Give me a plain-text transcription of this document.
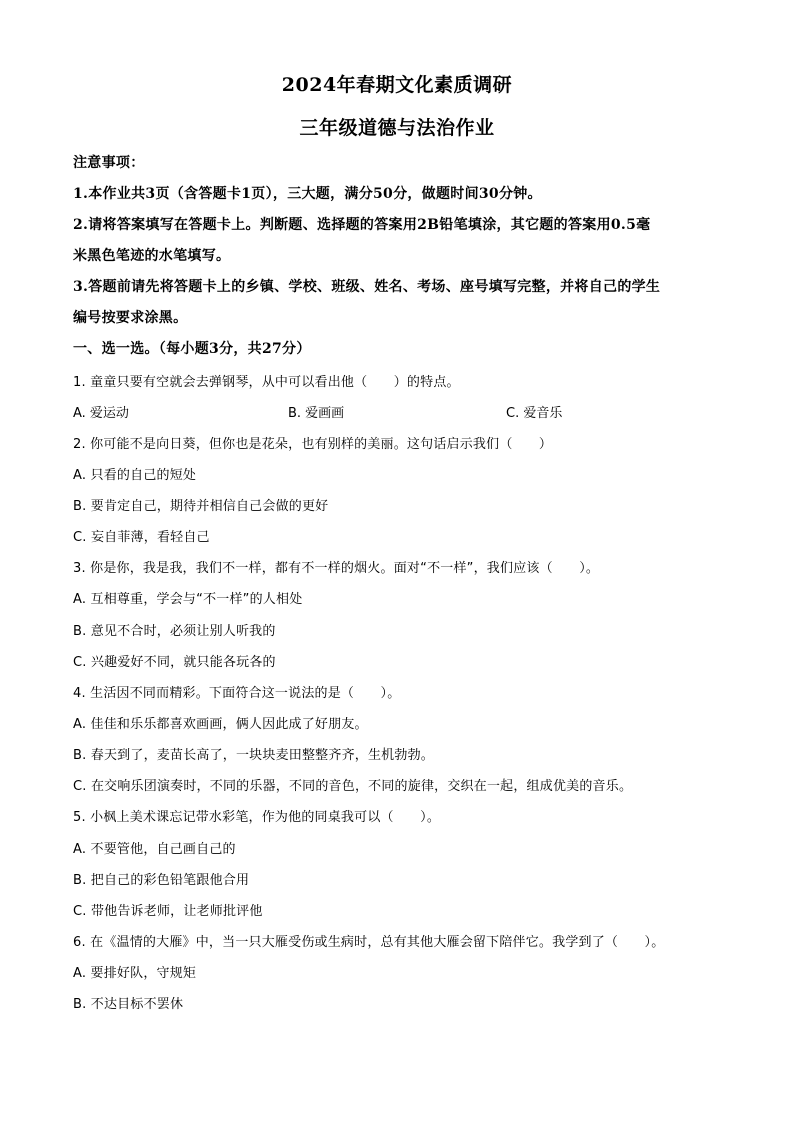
2024年春期文化素质调研
三年级道德与法治作业
注意事项：
1.本作业共3页（含答题卡1页），三大题，满分50分，做题时间30分钟。
2.请将答案填写在答题卡上。判断题、选择题的答案用2B铅笔填涂，其它题的答案用0.5毫
米黑色笔迹的水笔填写。
3.答题前请先将答题卡上的乡镇、学校、班级、姓名、考场、座号填写完整，并将自己的学生
编号按要求涂黑。
一、选一选。（每小题3分，共27分）
1. 童童只要有空就会去弹钢琴，从中可以看出他（　　）的特点。
A. 爱运动	B. 爱画画	C. 爱音乐
2. 你可能不是向日葵，但你也是花朵，也有别样的美丽。这句话启示我们（　　）
A. 只看的自己的短处
B. 要肯定自己，期待并相信自己会做的更好
C. 妄自菲薄，看轻自己
3. 你是你，我是我，我们不一样，都有不一样的烟火。面对“不一样”，我们应该（　　）。
A. 互相尊重，学会与“不一样”的人相处
B. 意见不合时，必须让别人听我的
C. 兴趣爱好不同，就只能各玩各的
4. 生活因不同而精彩。下面符合这一说法的是（　　）。
A. 佳佳和乐乐都喜欢画画，俩人因此成了好朋友。
B. 春天到了，麦苗长高了，一块块麦田整整齐齐，生机勃勃。
C. 在交响乐团演奏时，不同的乐器，不同的音色，不同的旋律，交织在一起，组成优美的音乐。
5. 小枫上美术课忘记带水彩笔，作为他的同桌我可以（　　）。
A. 不要管他，自己画自己的
B. 把自己的彩色铅笔跟他合用
C. 带他告诉老师，让老师批评他
6. 在《温情的大雁》中，当一只大雁受伤或生病时，总有其他大雁会留下陪伴它。我学到了（　　）。
A. 要排好队，守规矩
B. 不达目标不罢休
